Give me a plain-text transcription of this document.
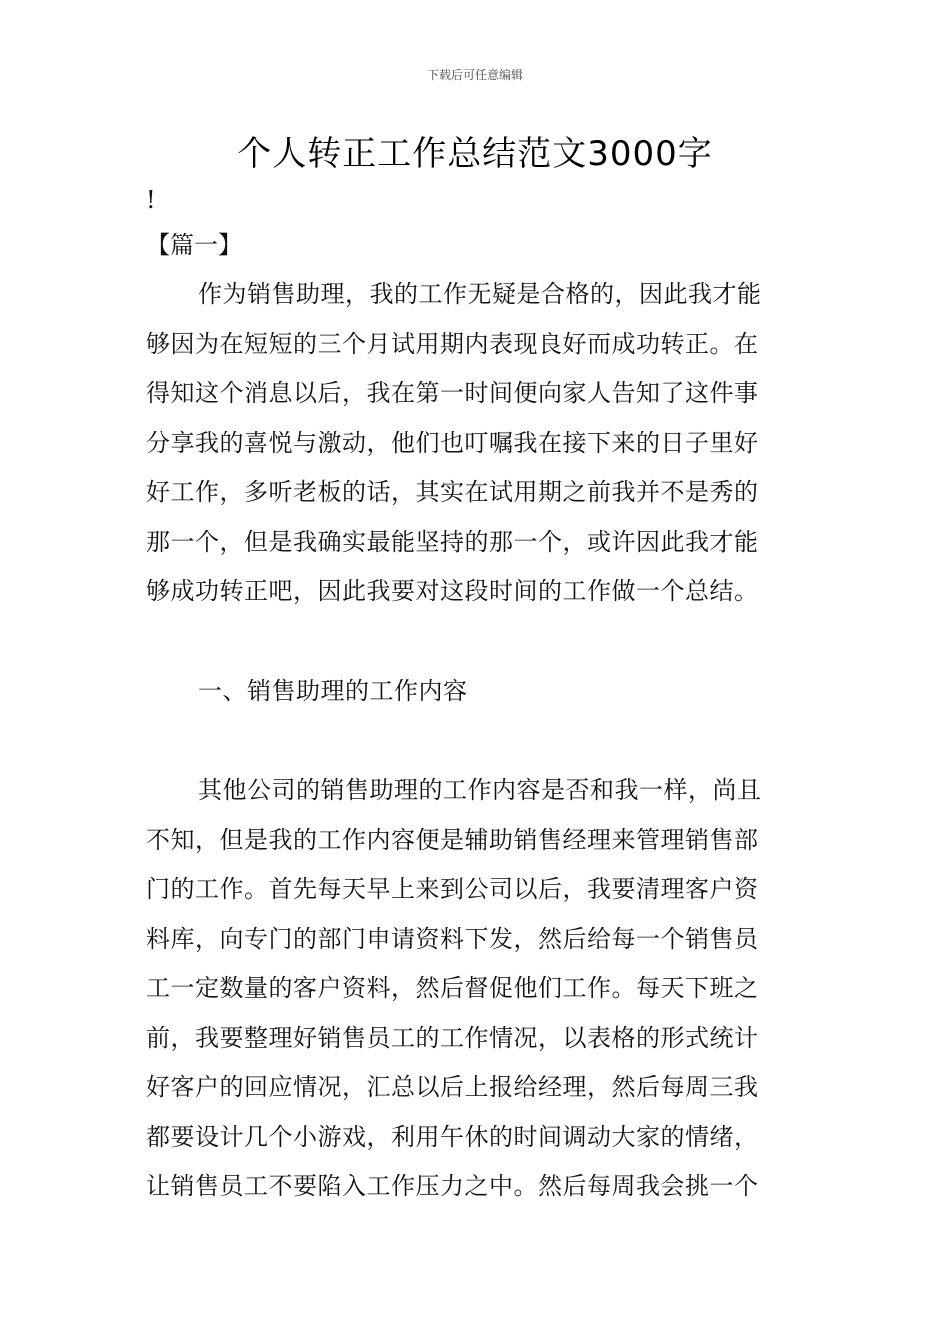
下载后可任意编辑
个人转正工作总结范文3000字
!
【篇一】
作为销售助理，我的工作无疑是合格的，因此我才能
够因为在短短的三个月试用期内表现良好而成功转正。在
得知这个消息以后，我在第一时间便向家人告知了这件事
分享我的喜悦与激动，他们也叮嘱我在接下来的日子里好
好工作，多听老板的话，其实在试用期之前我并不是秀的
那一个，但是我确实最能坚持的那一个，或许因此我才能
够成功转正吧，因此我要对这段时间的工作做一个总结。
一、销售助理的工作内容
其他公司的销售助理的工作内容是否和我一样，尚且
不知，但是我的工作内容便是辅助销售经理来管理销售部
门的工作。首先每天早上来到公司以后，我要清理客户资
料库，向专门的部门申请资料下发，然后给每一个销售员
工一定数量的客户资料，然后督促他们工作。每天下班之
前，我要整理好销售员工的工作情况，以表格的形式统计
好客户的回应情况，汇总以后上报给经理，然后每周三我
都要设计几个小游戏，利用午休的时间调动大家的情绪，
让销售员工不要陷入工作压力之中。然后每周我会挑一个
